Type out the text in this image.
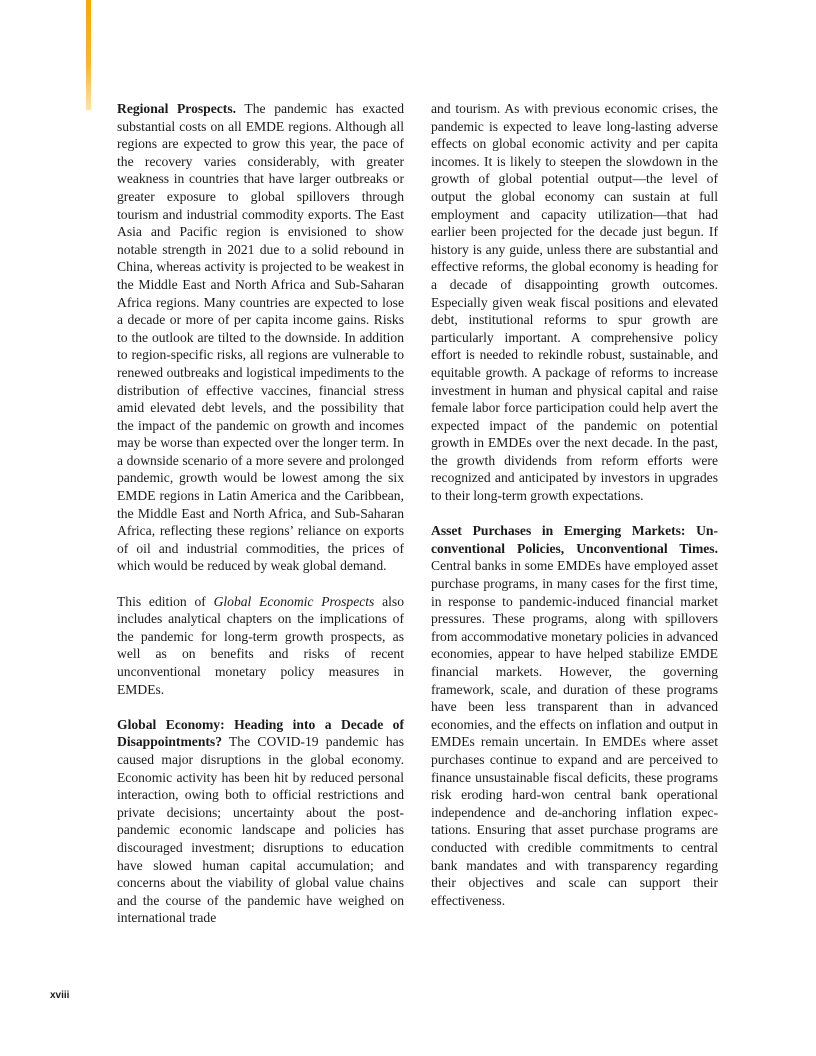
Regional Prospects. The pandemic has exacted substantial costs on all EMDE regions. Although all regions are expected to grow this year, the pace of the recovery varies considerably, with greater weakness in countries that have larger outbreaks or greater exposure to global spillovers through tourism and industrial commodity exports. The East Asia and Pacific region is envisioned to show notable strength in 2021 due to a solid rebound in China, whereas activity is projected to be weakest in the Middle East and North Africa and Sub-Saharan Africa regions. Many countries are expected to lose a decade or more of per capita income gains. Risks to the outlook are tilted to the downside. In addition to region-specific risks, all regions are vulnerable to renewed outbreaks and logistical impediments to the distribution of effective vaccines, financial stress amid elevated debt levels, and the possibility that the impact of the pandemic on growth and incomes may be worse than expected over the longer term. In a downside scenario of a more severe and prolonged pandemic, growth would be lowest among the six EMDE regions in Latin America and the Caribbean, the Middle East and North Africa, and Sub-Saharan Africa, reflecting these regions’ reliance on exports of oil and industrial commodities, the prices of which would be reduced by weak global demand.

This edition of Global Economic Prospects also includes analytical chapters on the implications of the pandemic for long-term growth prospects, as well as on benefits and risks of recent unconventional monetary policy measures in EMDEs.

Global Economy: Heading into a Decade of Disappointments? The COVID-19 pandemic has caused major disruptions in the global economy. Economic activity has been hit by reduced personal interaction, owing both to official restrictions and private decisions; uncertainty about the post-pandemic economic landscape and policies has discouraged investment; disruptions to education have slowed human capital accumulation; and concerns about the viability of global value chains and the course of the pandemic have weighed on international trade

and tourism. As with previous economic crises, the pandemic is expected to leave long-lasting adverse effects on global economic activity and per capita incomes. It is likely to steepen the slowdown in the growth of global potential output—the level of output the global economy can sustain at full employment and capacity utilization—that had earlier been projected for the decade just begun. If history is any guide, unless there are substantial and effective reforms, the global economy is heading for a decade of disappointing growth outcomes. Especially given weak fiscal positions and elevated debt, institutional reforms to spur growth are particularly important. A comprehensive policy effort is needed to rekindle robust, sustainable, and equitable growth. A package of reforms to increase investment in human and physical capital and raise female labor force participation could help avert the expected impact of the pandemic on potential growth in EMDEs over the next decade. In the past, the growth dividends from reform efforts were recognized and anticipated by investors in upgrades to their long-term growth expectations.

Asset Purchases in Emerging Markets: Unconventional Policies, Unconventional Times. Central banks in some EMDEs have employed asset purchase programs, in many cases for the first time, in response to pandemic-induced financial market pressures. These programs, along with spillovers from accommodative monetary policies in advanced economies, appear to have helped stabilize EMDE financial markets. However, the governing framework, scale, and duration of these programs have been less transparent than in advanced economies, and the effects on inflation and output in EMDEs remain uncertain. In EMDEs where asset purchases continue to expand and are perceived to finance unsustainable fiscal deficits, these programs risk eroding hard-won central bank operational independence and de-anchoring inflation expectations. Ensuring that asset purchase programs are conducted with credible commitments to central bank mandates and with transparency regarding their objectives and scale can support their effectiveness.

xviii
